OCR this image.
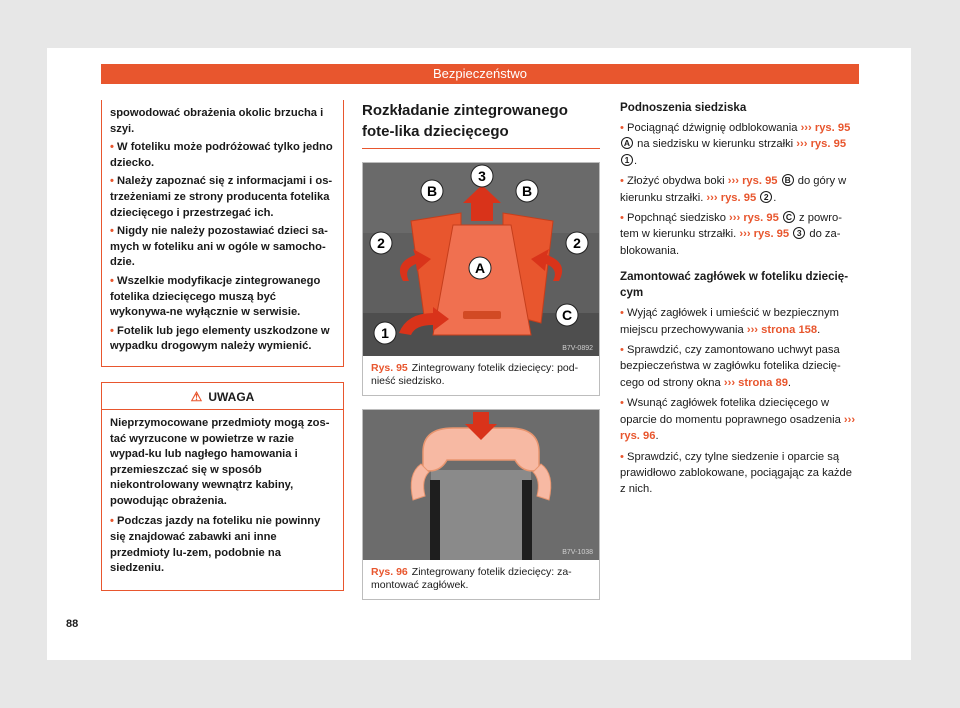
Bezpieczeństwo

spowodować obrażenia okolic brzucha i szyi.

• W foteliku może podróżować tylko jedno dziecko.

• Należy zapoznać się z informacjami i os-trzeżeniami ze strony producenta fotelika dziecięcego i przestrzegać ich.

• Nigdy nie należy pozostawiać dzieci sa-mych w foteliku ani w ogóle w samocho-dzie.

• Wszelkie modyfikacje zintegrowanego fotelika dziecięcego muszą być wykonywa-ne wyłącznie w serwisie.

• Fotelik lub jego elementy uszkodzone w wypadku drogowym należy wymienić.

⚠ UWAGA

Nieprzymocowane przedmioty mogą zos-tać wyrzucone w powietrze w razie wypad-ku lub nagłego hamowania i przemieszczać się w sposób niekontrolowany wewnątrz kabiny, powodując obrażenia.

• Podczas jazdy na foteliku nie powinny się znajdować zabawki ani inne przedmioty lu-zem, podobnie na siedzeniu.

Rozkładanie zintegrowanego fote-lika dziecięcego
1
2	2
3
A
B	B
C
B7V-0892
Rys. 95 Zintegrowany fotelik dziecięcy: pod-nieść siedzisko.
B7V-1038
Rys. 96 Zintegrowany fotelik dziecięcy: za-montować zagłówek.
Podnoszenia siedziska

• Pociągnąć dźwignię odblokowania ››› rys. 95 A na siedzisku w kierunku strzałki ››› rys. 95 1 .

• Złożyć obydwa boki ››› rys. 95 B do góry w kierunku strzałki. ››› rys. 95 2 .

• Popchnąć siedzisko ››› rys. 95 C z powro-tem w kierunku strzałki. ››› rys. 95 3 do za-blokowania.

Zamontować zagłówek w foteliku dziecię-cym

• Wyjąć zagłówek i umieścić w bezpiecznym miejscu przechowywania ››› strona 158.

• Sprawdzić, czy zamontowano uchwyt pasa bezpieczeństwa w zagłówku fotelika dziecię-cego od strony okna ››› strona 89.

• Wsunąć zagłówek fotelika dziecięcego w oparcie do momentu poprawnego osadzenia ››› rys. 96.

• Sprawdzić, czy tylne siedzenie i oparcie są prawidłowo zablokowane, pociągając za każde z nich.

88
